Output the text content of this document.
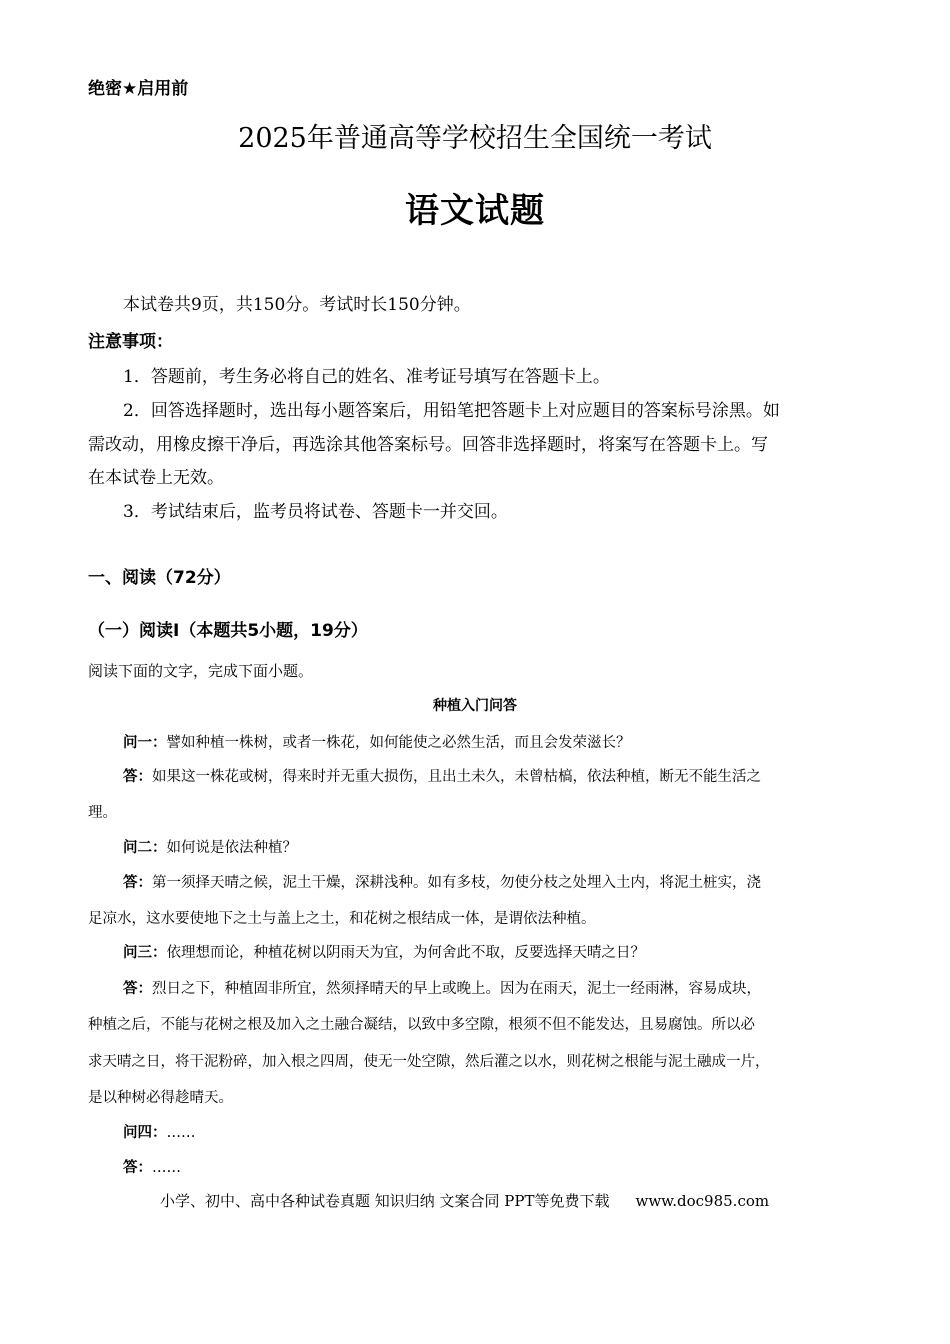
绝密★启用前
2025年普通高等学校招生全国统一考试
语文试题
本试卷共9页，共150分。考试时长150分钟。
注意事项：
1．答题前，考生务必将自己的姓名、准考证号填写在答题卡上。
2．回答选择题时，选出每小题答案后，用铅笔把答题卡上对应题目的答案标号涂黑。如
需改动，用橡皮擦干净后，再选涂其他答案标号。回答非选择题时，将案写在答题卡上。写
在本试卷上无效。
3．考试结束后，监考员将试卷、答题卡一并交回。
一、阅读（72分）
（一）阅读I（本题共5小题，19分）
阅读下面的文字，完成下面小题。
种植入门问答
问一：譬如种植一株树，或者一株花，如何能使之必然生活，而且会发荣滋长？
答：如果这一株花或树，得来时并无重大损伤，且出土未久，未曾枯槁，依法种植，断无不能生活之
理。
问二：如何说是依法种植？
答：第一须择天晴之候，泥土干燥，深耕浅种。如有多枝，勿使分枝之处埋入土内，将泥土桩实，浇
足凉水，这水要使地下之土与盖上之土，和花树之根结成一体，是谓依法种植。
问三：依理想而论，种植花树以阴雨天为宜，为何舍此不取，反要选择天晴之日？
答：烈日之下，种植固非所宜，然须择晴天的早上或晚上。因为在雨天，泥土一经雨淋，容易成块，
种植之后，不能与花树之根及加入之土融合凝结，以致中多空隙，根须不但不能发达，且易腐蚀。所以必
求天晴之日，将干泥粉碎，加入根之四周，使无一处空隙，然后灌之以水，则花树之根能与泥土融成一片，
是以种树必得趁晴天。
问四：……
答：……
小学、初中、高中各种试卷真题 知识归纳 文案合同 PPT等免费下载 www.doc985.com
